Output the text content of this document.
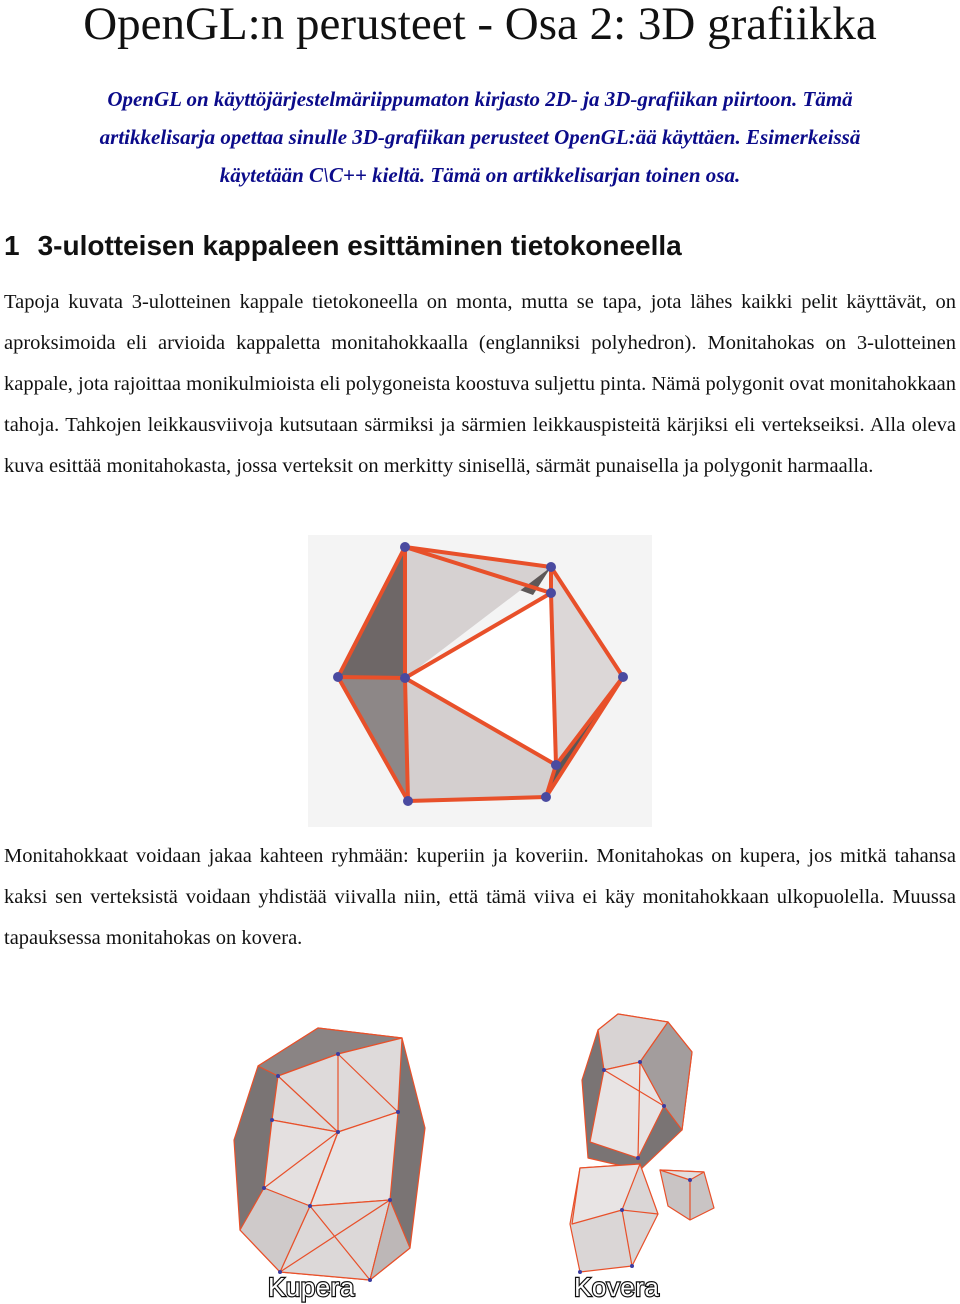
OpenGL:n perusteet - Osa 2: 3D grafiikka
OpenGL on käyttöjärjestelmäriippumaton kirjasto 2D- ja 3D-grafiikan piirtoon. Tämä
artikkelisarja opettaa sinulle 3D-grafiikan perusteet OpenGL:ää käyttäen. Esimerkeissä
käytetään C\C++ kieltä. Tämä on artikkelisarjan toinen osa.
1 3-ulotteisen kappaleen esittäminen tietokoneella

Tapoja kuvata 3-ulotteinen kappale tietokoneella on monta, mutta se tapa, jota lähes kaikki pelit käyttävät, on aproksimoida eli arvioida kappaletta monitahokkaalla (englanniksi polyhedron). Monitahokas on 3-ulotteinen kappale, jota rajoittaa monikulmioista eli polygoneista koostuva suljettu pinta. Nämä polygonit ovat monitahokkaan tahoja. Tahkojen leikkausviivoja kutsutaan särmiksi ja särmien leikkauspisteitä kärjiksi eli vertekseiksi. Alla oleva kuva esittää monitahokasta, jossa verteksit on merkitty sinisellä, särmät punaisella ja polygonit harmaalla.

Monitahokkaat voidaan jakaa kahteen ryhmään: kuperiin ja koveriin. Monitahokas on kupera, jos mitkä tahansa kaksi sen verteksistä voidaan yhdistää viivalla niin, että tämä viiva ei käy monitahokkaan ulkopuolella. Muussa tapauksessa monitahokas on kovera.

Kupera	Kovera
